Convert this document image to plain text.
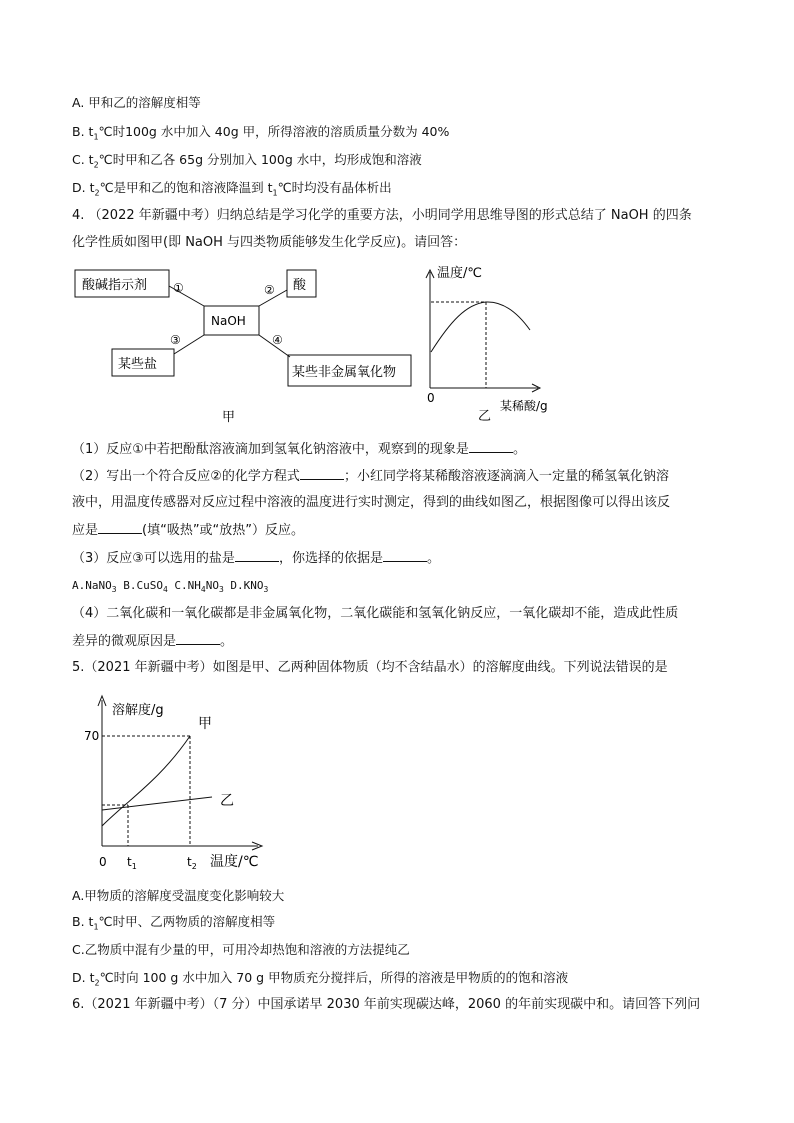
A. 甲和乙的溶解度相等
B. $t_1℃$时100g 水中加入 40g 甲，所得溶液的溶质质量分数为 40%
C. $t_2℃$时甲和乙各 65g 分别加入 100g 水中，均形成饱和溶液
D. $t_2℃$是甲和乙的饱和溶液降温到 $t_1℃$时均没有晶体析出
4. （2022 年新疆中考）归纳总结是学习化学的重要方法，小明同学用思维导图的形式总结了 NaOH 的四条
化学性质如图甲(即 NaOH 与四类物质能够发生化学反应)。请回答：
酸碱指示剂	酸
NaOH
某些盐
某些非金属氧化物
①	②
③	④
甲
温度/℃
某稀酸/g
0
乙
（1）反应①中若把酚酞溶液滴加到氢氧化钠溶液中，观察到的现象是	。
（2）写出一个符合反应②的化学方程式	；小红同学将某稀酸溶液逐滴滴入一定量的稀氢氧化钠溶
液中，用温度传感器对反应过程中溶液的温度进行实时测定，得到的曲线如图乙，根据图像可以得出该反
应是	(填“吸热”或“放热”）反应。
（3）反应③可以选用的盐是	，你选择的依据是	。
A.NaNO$_3$ B.CuSO$_4$ $C.NH_4NO_3$ $D.KNO_3$
（4）二氧化碳和一氧化碳都是非金属氧化物，二氧化碳能和氢氧化钠反应，一氧化碳却不能，造成此性质
差异的微观原因是	。
5.（2021 年新疆中考）如图是甲、乙两种固体物质（均不含结晶水）的溶解度曲线。下列说法错误的是
溶解度/g
温度/℃
70
0 $t_1$	$t_2$
甲
乙
A.甲物质的溶解度受温度变化影响较大
B. $t_1℃$时甲、乙两物质的溶解度相等
C.乙物质中混有少量的甲，可用冷却热饱和溶液的方法提纯乙
D. $t_2℃$时向 100 g 水中加入 70 g 甲物质充分搅拌后，所得的溶液是甲物质的的饱和溶液
6.（2021 年新疆中考）（7 分）中国承诺早 2030 年前实现碳达峰，2060 的年前实现碳中和。请回答下列问
